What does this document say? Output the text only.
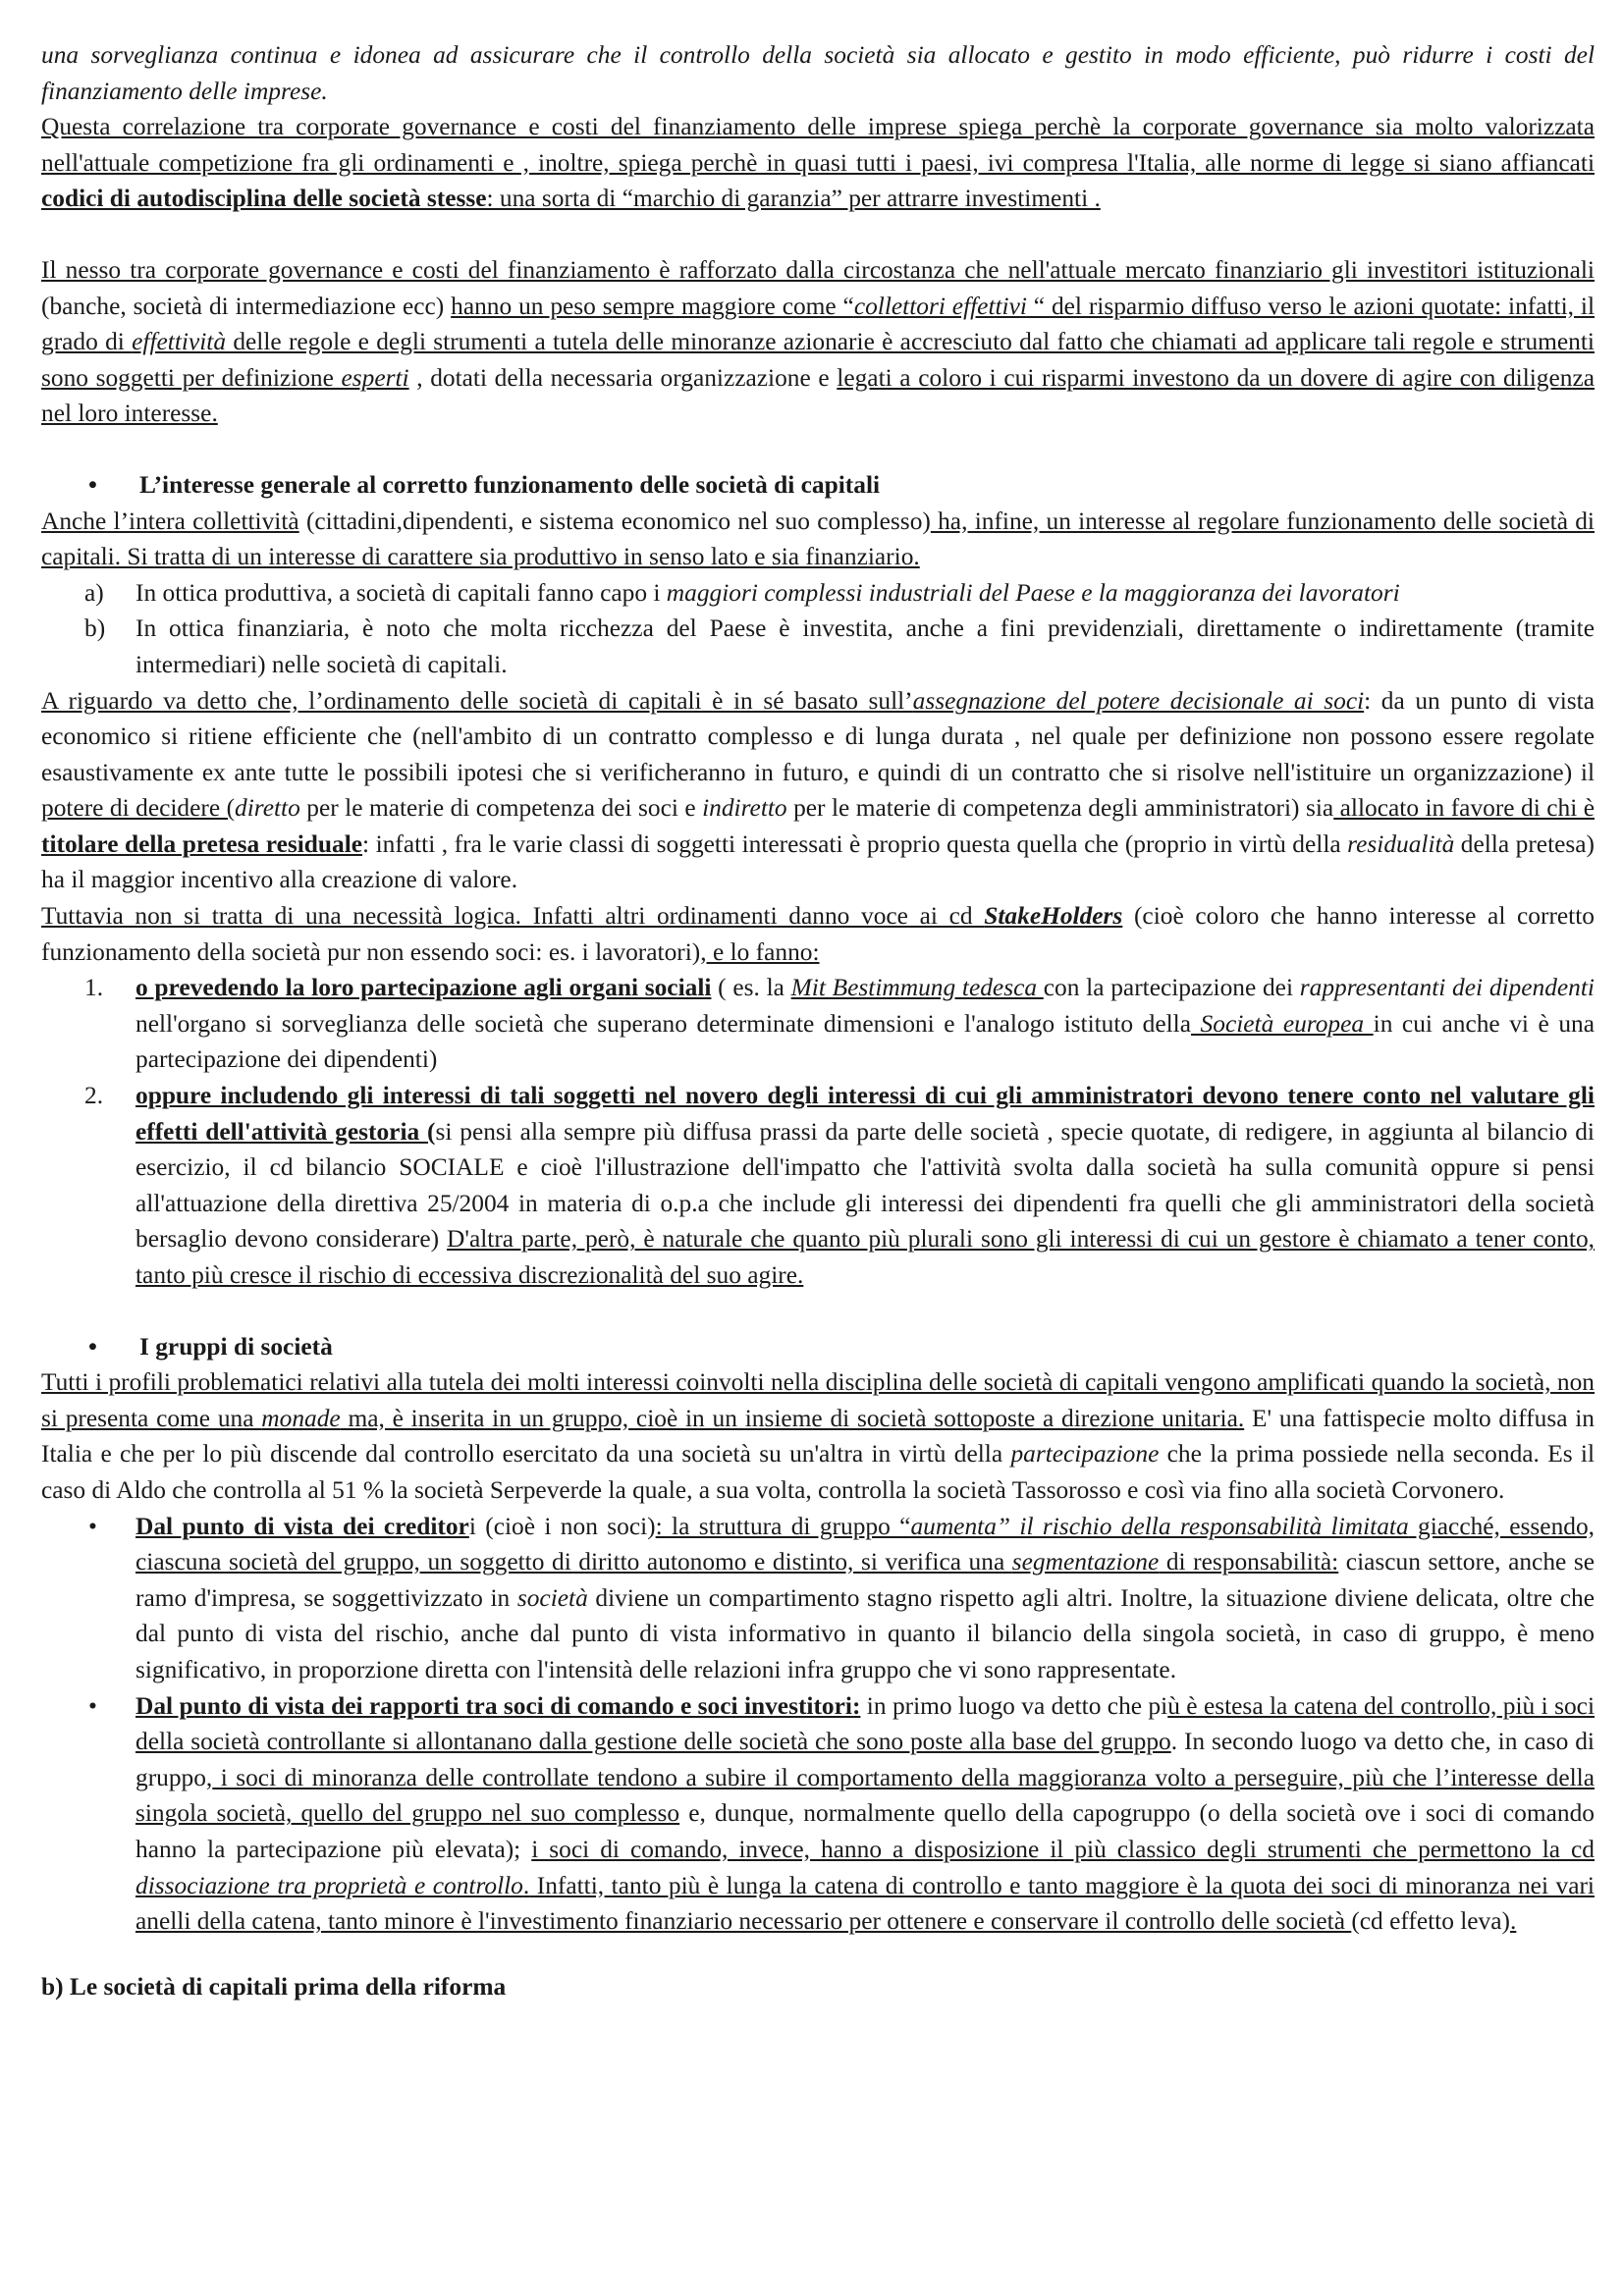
una sorveglianza continua e idonea ad assicurare che il controllo della società sia allocato e gestito in modo efficiente, può ridurre i costi del finanziamento delle imprese.

Questa correlazione tra corporate governance e costi del finanziamento delle imprese spiega perchè la corporate governance sia molto valorizzata nell'attuale competizione fra gli ordinamenti e , inoltre, spiega perchè in quasi tutti i paesi, ivi compresa l'Italia, alle norme di legge si siano affiancati codici di autodisciplina delle società stesse: una sorta di “marchio di garanzia” per attrarre investimenti .

Il nesso tra corporate governance e costi del finanziamento è rafforzato dalla circostanza che nell'attuale mercato finanziario gli investitori istituzionali (banche, società di intermediazione ecc) hanno un peso sempre maggiore come “collettori effettivi “ del risparmio diffuso verso le azioni quotate: infatti, il grado di effettività delle regole e degli strumenti a tutela delle minoranze azionarie è accresciuto dal fatto che chiamati ad applicare tali regole e strumenti sono soggetti per definizione esperti , dotati della necessaria organizzazione e legati a coloro i cui risparmi investono da un dovere di agire con diligenza nel loro interesse.

• L’interesse generale al corretto funzionamento delle società di capitali

Anche l’intera collettività (cittadini,dipendenti, e sistema economico nel suo complesso) ha, infine, un interesse al regolare funzionamento delle società di capitali. Si tratta di un interesse di carattere sia produttivo in senso lato e sia finanziario.

a) In ottica produttiva, a società di capitali fanno capo i maggiori complessi industriali del Paese e la maggioranza dei lavoratori

b) In ottica finanziaria, è noto che molta ricchezza del Paese è investita, anche a fini previdenziali, direttamente o indirettamente (tramite intermediari) nelle società di capitali.

A riguardo va detto che, l’ordinamento delle società di capitali è in sé basato sull’assegnazione del potere decisionale ai soci: da un punto di vista economico si ritiene efficiente che (nell'ambito di un contratto complesso e di lunga durata , nel quale per definizione non possono essere regolate esaustivamente ex ante tutte le possibili ipotesi che si verificheranno in futuro, e quindi di un contratto che si risolve nell'istituire un organizzazione) il potere di decidere (diretto per le materie di competenza dei soci e indiretto per le materie di competenza degli amministratori) sia allocato in favore di chi è titolare della pretesa residuale: infatti , fra le varie classi di soggetti interessati è proprio questa quella che (proprio in virtù della residualità della pretesa) ha il maggior incentivo alla creazione di valore.

Tuttavia non si tratta di una necessità logica. Infatti altri ordinamenti danno voce ai cd StakeHolders (cioè coloro che hanno interesse al corretto funzionamento della società pur non essendo soci: es. i lavoratori), e lo fanno:

1. o prevedendo la loro partecipazione agli organi sociali ( es. la Mit Bestimmung tedesca con la partecipazione dei rappresentanti dei dipendenti nell'organo si sorveglianza delle società che superano determinate dimensioni e l'analogo istituto della Società europea in cui anche vi è una partecipazione dei dipendenti)

2. oppure includendo gli interessi di tali soggetti nel novero degli interessi di cui gli amministratori devono tenere conto nel valutare gli effetti dell'attività gestoria (si pensi alla sempre più diffusa prassi da parte delle società , specie quotate, di redigere, in aggiunta al bilancio di esercizio, il cd bilancio SOCIALE e cioè l'illustrazione dell'impatto che l'attività svolta dalla società ha sulla comunità oppure si pensi all'attuazione della direttiva 25/2004 in materia di o.p.a che include gli interessi dei dipendenti fra quelli che gli amministratori della società bersaglio devono considerare) D'altra parte, però, è naturale che quanto più plurali sono gli interessi di cui un gestore è chiamato a tener conto, tanto più cresce il rischio di eccessiva discrezionalità del suo agire.

• I gruppi di società

Tutti i profili problematici relativi alla tutela dei molti interessi coinvolti nella disciplina delle società di capitali vengono amplificati quando la società, non si presenta come una monade ma, è inserita in un gruppo, cioè in un insieme di società sottoposte a direzione unitaria. E' una fattispecie molto diffusa in Italia e che per lo più discende dal controllo esercitato da una società su un'altra in virtù della partecipazione che la prima possiede nella seconda. Es il caso di Aldo che controlla al 51 % la società Serpeverde la quale, a sua volta, controlla la società Tassorosso e così via fino alla società Corvonero.

• Dal punto di vista dei creditori (cioè i non soci): la struttura di gruppo “aumenta” il rischio della responsabilità limitata giacché, essendo, ciascuna società del gruppo, un soggetto di diritto autonomo e distinto, si verifica una segmentazione di responsabilità: ciascun settore, anche se ramo d'impresa, se soggettivizzato in società diviene un compartimento stagno rispetto agli altri. Inoltre, la situazione diviene delicata, oltre che dal punto di vista del rischio, anche dal punto di vista informativo in quanto il bilancio della singola società, in caso di gruppo, è meno significativo, in proporzione diretta con l'intensità delle relazioni infra gruppo che vi sono rappresentate.

• Dal punto di vista dei rapporti tra soci di comando e soci investitori: in primo luogo va detto che più è estesa la catena del controllo, più i soci della società controllante si allontanano dalla gestione delle società che sono poste alla base del gruppo. In secondo luogo va detto che, in caso di gruppo, i soci di minoranza delle controllate tendono a subire il comportamento della maggioranza volto a perseguire, più che l’interesse della singola società, quello del gruppo nel suo complesso e, dunque, normalmente quello della capogruppo (o della società ove i soci di comando hanno la partecipazione più elevata); i soci di comando, invece, hanno a disposizione il più classico degli strumenti che permettono la cd dissociazione tra proprietà e controllo. Infatti, tanto più è lunga la catena di controllo e tanto maggiore è la quota dei soci di minoranza nei vari anelli della catena, tanto minore è l'investimento finanziario necessario per ottenere e conservare il controllo delle società (cd effetto leva).

b) Le società di capitali prima della riforma
